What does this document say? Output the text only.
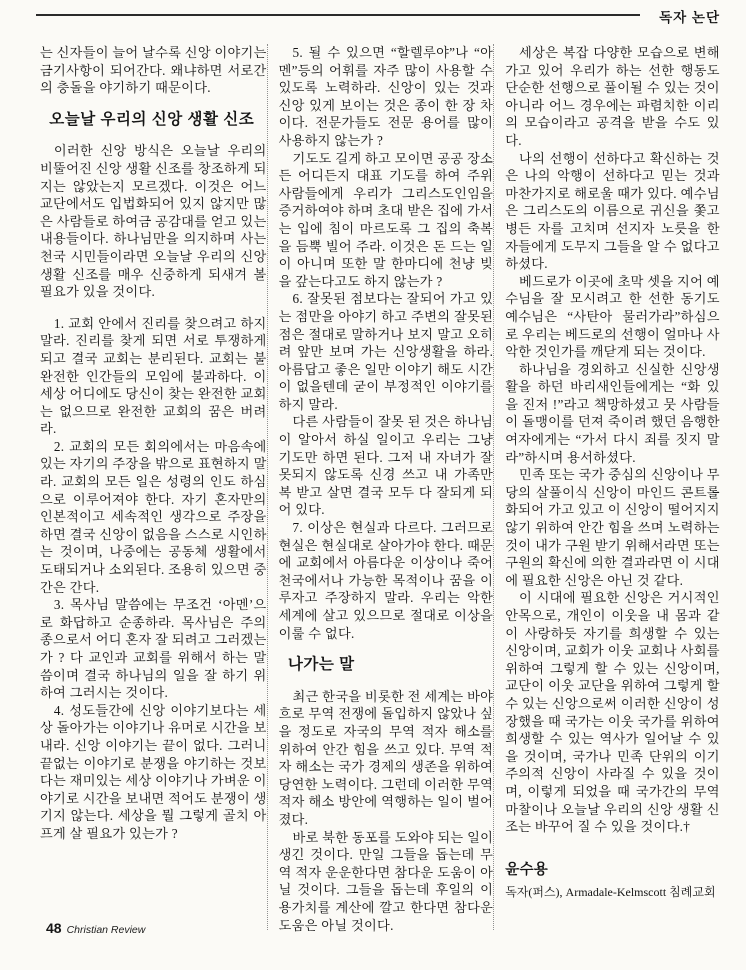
독자 논단

는 신자들이 늘어 날수록 신앙 이야기는 금기사항이 되어간다. 왜냐하면 서로간의 충돌을 야기하기 때문이다.

오늘날 우리의 신앙 생활 신조

이러한 신앙 방식은 오늘날 우리의 비뚤어진 신앙 생활 신조를 창조하게 되지는 않았는지 모르겠다. 이것은 어느 교단에서도 입법화되어 있지 않지만 많은 사람들로 하여금 공감대를 얻고 있는 내용들이다. 하나님만을 의지하며 사는 천국 시민들이라면 오늘날 우리의 신앙 생활 신조를 매우 신중하게 되새겨 볼 필요가 있을 것이다.

1. 교회 안에서 진리를 찾으려고 하지 말라. 진리를 찾게 되면 서로 투쟁하게 되고 결국 교회는 분리된다. 교회는 불완전한 인간들의 모임에 불과하다. 이 세상 어디에도 당신이 찾는 완전한 교회는 없으므로 완전한 교회의 꿈은 버려라.

2. 교회의 모든 회의에서는 마음속에 있는 자기의 주장을 밖으로 표현하지 말라. 교회의 모든 일은 성령의 인도 하심으로 이루어져야 한다. 자기 혼자만의 인본적이고 세속적인 생각으로 주장을 하면 결국 신앙이 없음을 스스로 시인하는 것이며, 나중에는 공동체 생활에서 도태되거나 소외된다. 조용히 있으면 중간은 간다.

3. 목사님 말씀에는 무조건 ‘아멘’으로 화답하고 순종하라. 목사님은 주의 종으로서 어디 혼자 잘 되려고 그러겠는가 ? 다 교인과 교회를 위해서 하는 말씀이며 결국 하나님의 일을 잘 하기 위하여 그러시는 것이다.

4. 성도들간에 신앙 이야기보다는 세상 돌아가는 이야기나 유머로 시간을 보내라. 신앙 이야기는 끝이 없다. 그러니 끝없는 이야기로 분쟁을 야기하는 것보다는 재미있는 세상 이야기나 가벼운 이야기로 시간을 보내면 적어도 분쟁이 생기지 않는다. 세상을 뭘 그렇게 골치 아프게 살 필요가 있는가 ?

5. 될 수 있으면 “할렐루야”나 “아멘”등의 어휘를 자주 많이 사용할 수 있도록 노력하라. 신앙이 있는 것과 신앙 있게 보이는 것은 종이 한 장 차이다. 전문가들도 전문 용어를 많이 사용하지 않는가 ?

기도도 길게 하고 모이면 공공 장소든 어디든지 대표 기도를 하여 주위 사람들에게 우리가 그리스도인임을 증거하여야 하며 초대 받은 집에 가서는 입에 침이 마르도록 그 집의 축복을 듬뿍 빌어 주라. 이것은 돈 드는 일이 아니며 또한 말 한마디에 천냥 빚을 갚는다고도 하지 않는가 ?

6. 잘못된 점보다는 잘되어 가고 있는 점만을 아야기 하고 주변의 잘못된 점은 절대로 말하거나 보지 말고 오히려 앞만 보며 가는 신앙생활을 하라. 아름답고 좋은 일만 이야기 해도 시간이 없을텐데 굳이 부정적인 이야기를 하지 말라.

다른 사람들이 잘못 된 것은 하나님이 알아서 하실 일이고 우리는 그냥 기도만 하면 된다. 그저 내 자녀가 잘못되지 않도록 신경 쓰고 내 가족만 복 받고 살면 결국 모두 다 잘되게 되어 있다.

7. 이상은 현실과 다르다. 그러므로 현실은 현실대로 살아가야 한다. 때문에 교회에서 아름다운 이상이나 죽어 천국에서나 가능한 목적이나 꿈을 이루자고 주장하지 말라. 우리는 악한 세계에 살고 있으므로 절대로 이상을 이룰 수 없다.

나가는 말

최근 한국을 비롯한 전 세계는 바야흐로 무역 전쟁에 돌입하지 않았나 싶을 정도로 자국의 무역 적자 해소를 위하여 안간 힘을 쓰고 있다. 무역 적자 해소는 국가 경제의 생존을 위하여 당연한 노력이다. 그런데 이러한 무역 적자 해소 방안에 역행하는 일이 벌어졌다.

바로 북한 동포를 도와야 되는 일이 생긴 것이다. 만일 그들을 돕는데 무역 적자 운운한다면 참다운 도움이 아닐 것이다. 그들을 돕는데 후일의 이용가치를 계산에 깔고 한다면 참다운 도움은 아닐 것이다.

세상은 복잡 다양한 모습으로 변해가고 있어 우리가 하는 선한 행동도 단순한 선행으로 풀이될 수 있는 것이 아니라 어느 경우에는 파렴치한 이리의 모습이라고 공격을 받을 수도 있다.

나의 선행이 선하다고 확신하는 것은 나의 악행이 선하다고 믿는 것과 마찬가지로 해로울 때가 있다. 예수님은 그리스도의 이름으로 귀신을 쫓고 병든 자를 고치며 선지자 노릇을 한 자들에게 도무지 그들을 알 수 없다고 하셨다.

베드로가 이곳에 초막 셋을 지어 예수님을 잘 모시려고 한 선한 동기도 예수님은 “사탄아 물러가라”하심으로 우리는 베드로의 선행이 얼마나 사악한 것인가를 깨닫게 되는 것이다.

하나님을 경외하고 신실한 신앙생활을 하던 바리새인들에게는 “화 있을 진저 !”라고 책망하셨고 뭇 사람들이 돌맹이를 던져 죽이려 했던 음행한 여자에게는 “가서 다시 죄를 짓지 말라”하시며 용서하셨다.

민족 또는 국가 중심의 신앙이나 무당의 살풀이식 신앙이 마인드 콘트롤화되어 가고 있고 이 신앙이 떨어지지 않기 위하여 안간 힘을 쓰며 노력하는 것이 내가 구원 받기 위해서라면 또는 구원의 확신에 의한 결과라면 이 시대에 필요한 신앙은 아닌 것 같다.

이 시대에 필요한 신앙은 거시적인 안목으로, 개인이 이웃을 내 몸과 같이 사랑하듯 자기를 희생할 수 있는 신앙이며, 교회가 이웃 교회나 사회를 위하여 그렇게 할 수 있는 신앙이며, 교단이 이웃 교단을 위하여 그렇게 할 수 있는 신앙으로써 이러한 신앙이 성장했을 때 국가는 이웃 국가를 위하여 희생할 수 있는 역사가 일어날 수 있을 것이며, 국가나 민족 단위의 이기주의적 신앙이 사라질 수 있을 것이며, 이렇게 되었을 때 국가간의 무역 마찰이나 오늘날 우리의 신앙 생활 신조는 바꾸어 질 수 있을 것이다.†

윤수용

독자(퍼스), Armadale-Kelmscott 침례교회

48 Christian Review
